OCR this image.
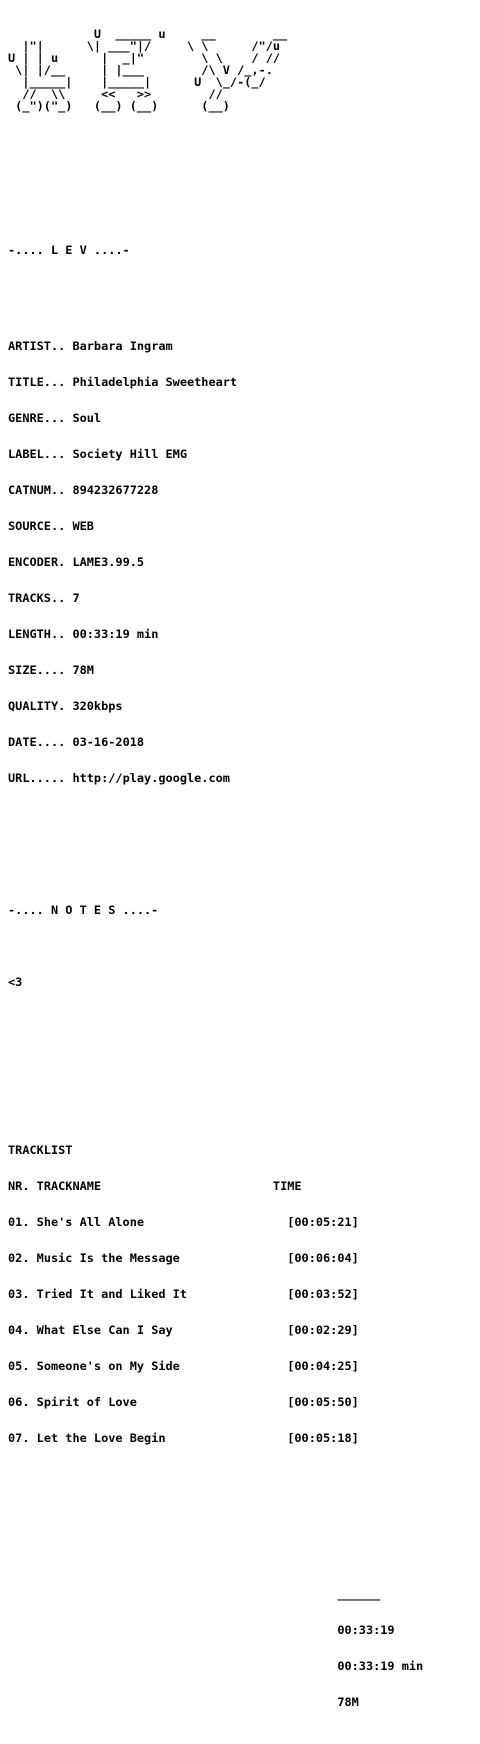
U  _____ u     __        __
|"|      \| ___"|/     \ \      /"/u
U | | u      |  _|"        \ \    / //
\| |/__     | |___        /\ V /_,-.
|_____|    |_____|      U  \_/-(_/
//  \\     <<   >>        //
(_")("_)   (__) (__)      (__)

-.... L E V ....-

ARTIST.. Barbara Ingram

TITLE... Philadelphia Sweetheart

GENRE... Soul

LABEL... Society Hill EMG

CATNUM.. 894232677228

SOURCE.. WEB

ENCODER. LAME3.99.5

TRACKS.. 7

LENGTH.. 00:33:19 min

SIZE.... 78M

QUALITY. 320kbps

DATE.... 03-16-2018

URL..... http://play.google.com

-.... N O T E S ....-

<3

TRACKLIST

NR. TRACKNAME	TIME

01. She's All Alone	[00:05:21]

02. Music Is the Message	[00:06:04]

03. Tried It and Liked It	[00:03:52]

04. What Else Can I Say	[00:02:29]

05. Someone's on My Side	[00:04:25]

06. Spirit of Love	[00:05:50]

07. Let the Love Begin	[00:05:18]

______

00:33:19

00:33:19 min

78M
